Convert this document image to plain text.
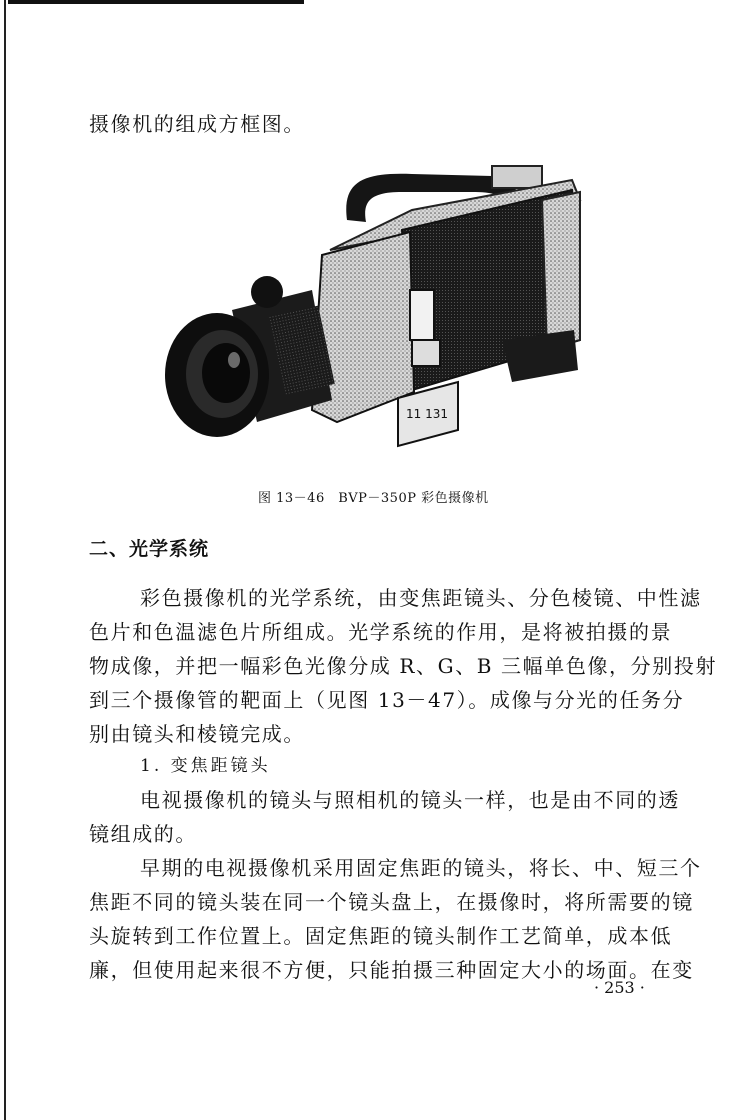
摄像机的组成方框图。
11 131
图 13－46　BVP－350P 彩色摄像机
二、光学系统
彩色摄像机的光学系统，由变焦距镜头、分色棱镜、中性滤
色片和色温滤色片所组成。光学系统的作用，是将被拍摄的景
物成像，并把一幅彩色光像分成 R、G、B 三幅单色像，分别投射
到三个摄像管的靶面上（见图 13－47）。成像与分光的任务分
别由镜头和棱镜完成。
1. 变焦距镜头
电视摄像机的镜头与照相机的镜头一样，也是由不同的透
镜组成的。
早期的电视摄像机采用固定焦距的镜头，将长、中、短三个
焦距不同的镜头装在同一个镜头盘上，在摄像时，将所需要的镜
头旋转到工作位置上。固定焦距的镜头制作工艺简单，成本低
廉，但使用起来很不方便，只能拍摄三种固定大小的场面。在变
· 253 ·
